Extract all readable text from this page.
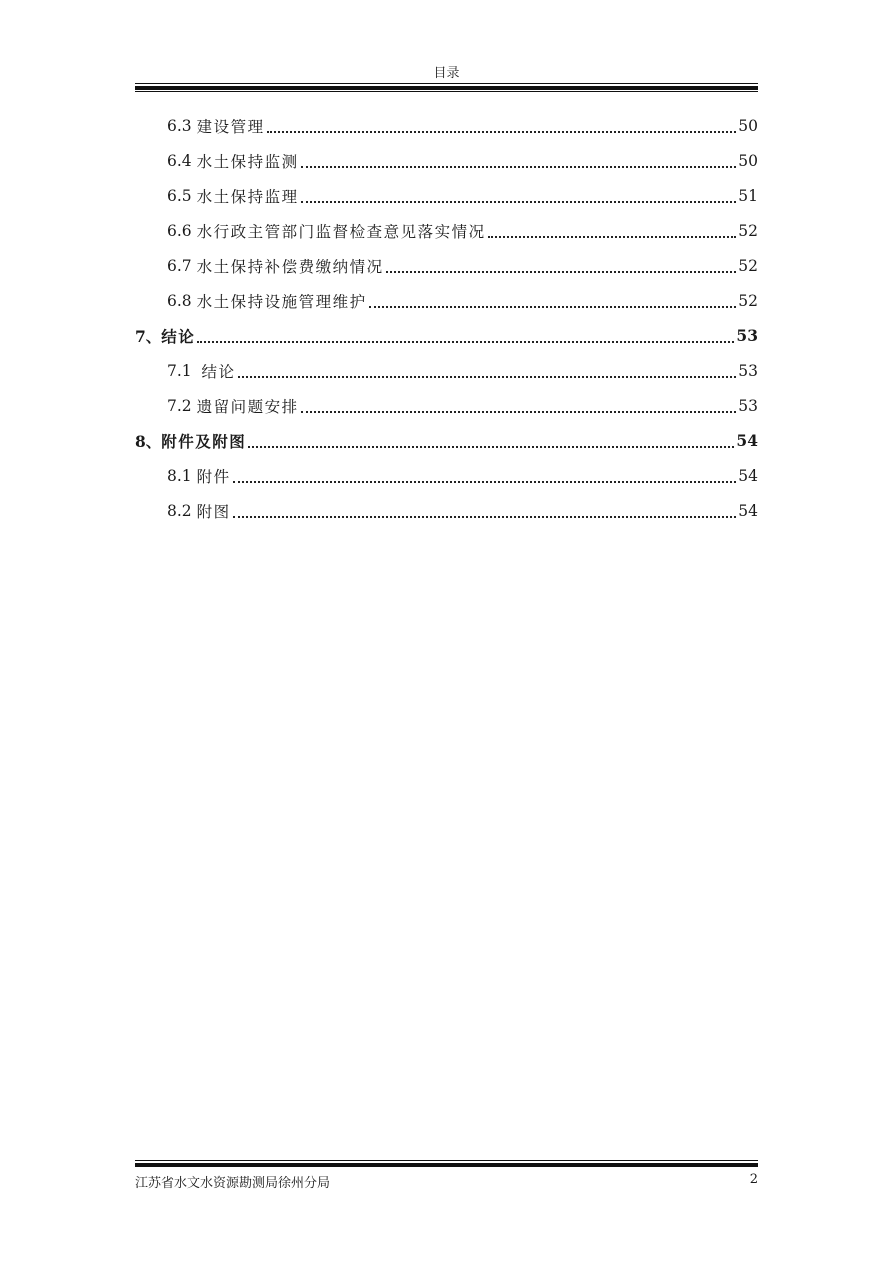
目录
6.3 建设管理	50
6.4 水土保持监测	50
6.5 水土保持监理	51
6.6 水行政主管部门监督检查意见落实情况	52
6.7 水土保持补偿费缴纳情况	52
6.8 水土保持设施管理维护	52
7、 结论	53
7.1 结论	53
7.2 遗留问题安排	53
8、 附件及附图	54
8.1 附件	54
8.2 附图	54
江苏省水文水资源勘测局徐州分局	2
